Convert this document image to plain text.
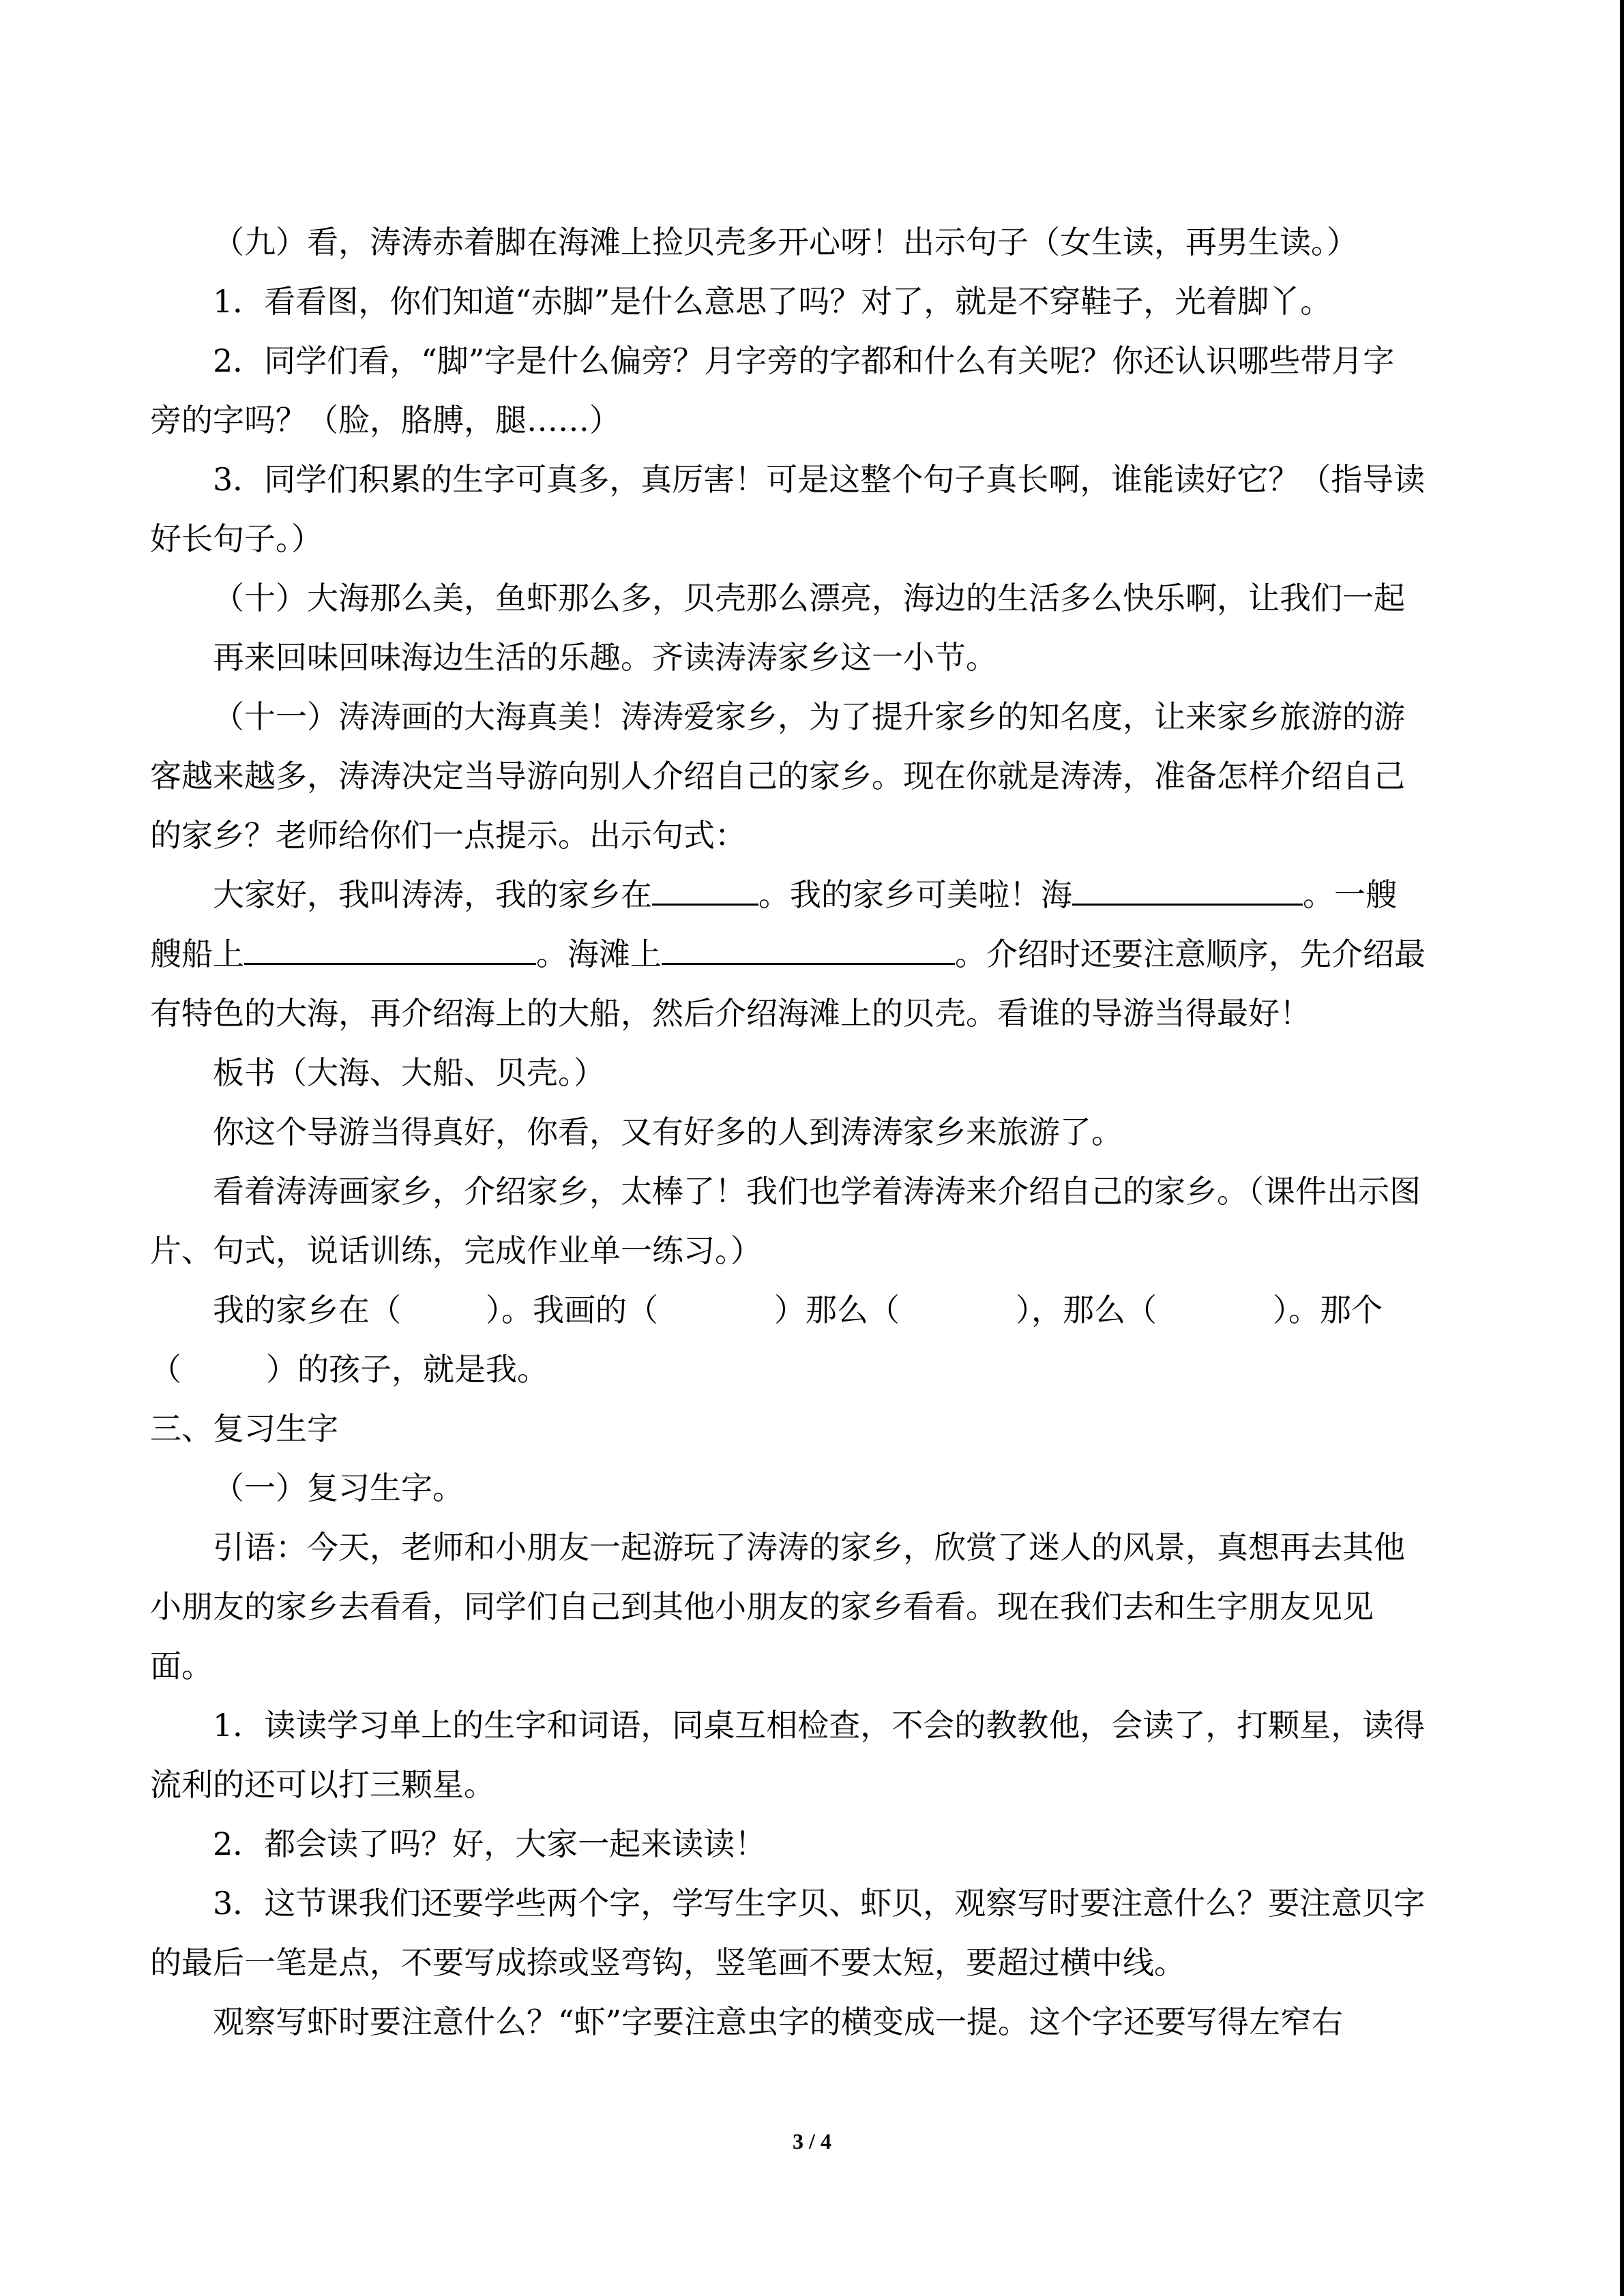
（九）看，涛涛赤着脚在海滩上捡贝壳多开心呀！出示句子（女生读，再男生读。）

1．看看图，你们知道“赤脚”是什么意思了吗？对了，就是不穿鞋子，光着脚丫。

2．同学们看，“脚”字是什么偏旁？月字旁的字都和什么有关呢？你还认识哪些带月字

旁的字吗？（脸，胳膊，腿……）

3．同学们积累的生字可真多，真厉害！可是这整个句子真长啊，谁能读好它？（指导读

好长句子。）

（十）大海那么美，鱼虾那么多，贝壳那么漂亮，海边的生活多么快乐啊，让我们一起

再来回味回味海边生活的乐趣。齐读涛涛家乡这一小节。

（十一）涛涛画的大海真美！涛涛爱家乡，为了提升家乡的知名度，让来家乡旅游的游

客越来越多，涛涛决定当导游向别人介绍自己的家乡。现在你就是涛涛，准备怎样介绍自己

的家乡？老师给你们一点提示。出示句式：

大家好，我叫涛涛，我的家乡在	。我的家乡可美啦！海	。一艘

艘船上	。海滩上	。介绍时还要注意顺序，先介绍最

有特色的大海，再介绍海上的大船，然后介绍海滩上的贝壳。看谁的导游当得最好！

板书（大海、大船、贝壳。）

你这个导游当得真好，你看，又有好多的人到涛涛家乡来旅游了。

看着涛涛画家乡，介绍家乡，太棒了！我们也学着涛涛来介绍自己的家乡。（课件出示图

片、句式，说话训练，完成作业单一练习。）

我的家乡在（	）。我画的（	）那么（	），那么（	）。那个

（	）的孩子，就是我。

三、复习生字

（一）复习生字。

引语：今天，老师和小朋友一起游玩了涛涛的家乡，欣赏了迷人的风景，真想再去其他

小朋友的家乡去看看，同学们自己到其他小朋友的家乡看看。现在我们去和生字朋友见见

面。

1．读读学习单上的生字和词语，同桌互相检查，不会的教教他，会读了，打颗星，读得

流利的还可以打三颗星。

2．都会读了吗？好，大家一起来读读！

3．这节课我们还要学些两个字，学写生字贝、虾贝，观察写时要注意什么？要注意贝字

的最后一笔是点，不要写成捺或竖弯钩，竖笔画不要太短，要超过横中线。

观察写虾时要注意什么？“虾”字要注意虫字的横变成一提。这个字还要写得左窄右

3 / 4
